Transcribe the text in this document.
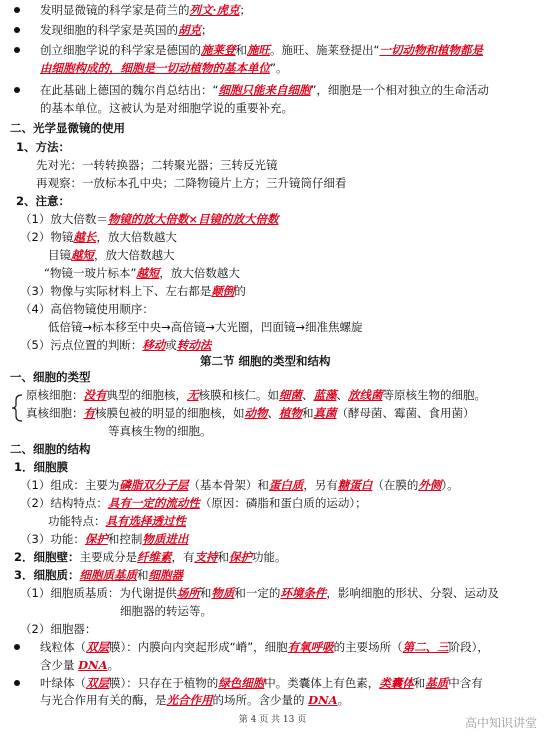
发明显微镜的科学家是荷兰的列文·虎克；
发现细胞的科学家是英国的胡克；
创立细胞学说的科学家是德国的施莱登和施旺。施旺、施莱登提出“一切动物和植物都是
由细胞构成的，细胞是一切动植物的基本单位”。
在此基础上德国的魏尔肖总结出：“细胞只能来自细胞”，细胞是一个相对独立的生命活动
的基本单位。这被认为是对细胞学说的重要补充。
二、光学显微镜的使用
1、方法：
先对光：一转转换器；二转聚光器；三转反光镜
再观察：一放标本孔中央；二降物镜片上方；三升镜筒仔细看
2、注意：
（1）放大倍数＝物镜的放大倍数×目镜的放大倍数
（2）物镜越长，放大倍数越大
目镜越短，放大倍数越大
“物镜一玻片标本”越短，放大倍数越大
（3）物像与实际材料上下、左右都是颠倒的
（4）高倍物镜使用顺序：
低倍镜→标本移至中央→高倍镜→大光圈，凹面镜→细准焦螺旋
（5）污点位置的判断：移动或转动法
第二节 细胞的类型和结构
一、细胞的类型
原核细胞：没有典型的细胞核，无核膜和核仁。如细菌、蓝藻、放线菌等原核生物的细胞。
真核细胞：有核膜包被的明显的细胞核，如动物、植物和真菌（酵母菌、霉菌、食用菌）
等真核生物的细胞。
二、细胞的结构
1．细胞膜
（1）组成：主要为磷脂双分子层（基本骨架）和蛋白质，另有糖蛋白（在膜的外侧）。
（2）结构特点：具有一定的流动性（原因：磷脂和蛋白质的运动）；
功能特点：具有选择透过性
（3）功能：保护和控制物质进出
2．细胞壁：主要成分是纤维素，有支持和保护功能。
3．细胞质：细胞质基质和细胞器
（1）细胞质基质：为代谢提供场所和物质和一定的环境条件，影响细胞的形状、分裂、运动及
细胞器的转运等。
（2）细胞器：
线粒体（双层膜）：内膜向内突起形成“嵴”，细胞有氧呼吸的主要场所（第二、三阶段），
含少量 DNA。
叶绿体（双层膜）：只存在于植物的绿色细胞中。类囊体上有色素，类囊体和基质中含有
与光合作用有关的酶，是光合作用的场所。含少量的 DNA。
第 4 页 共 13 页	高中知识讲堂
